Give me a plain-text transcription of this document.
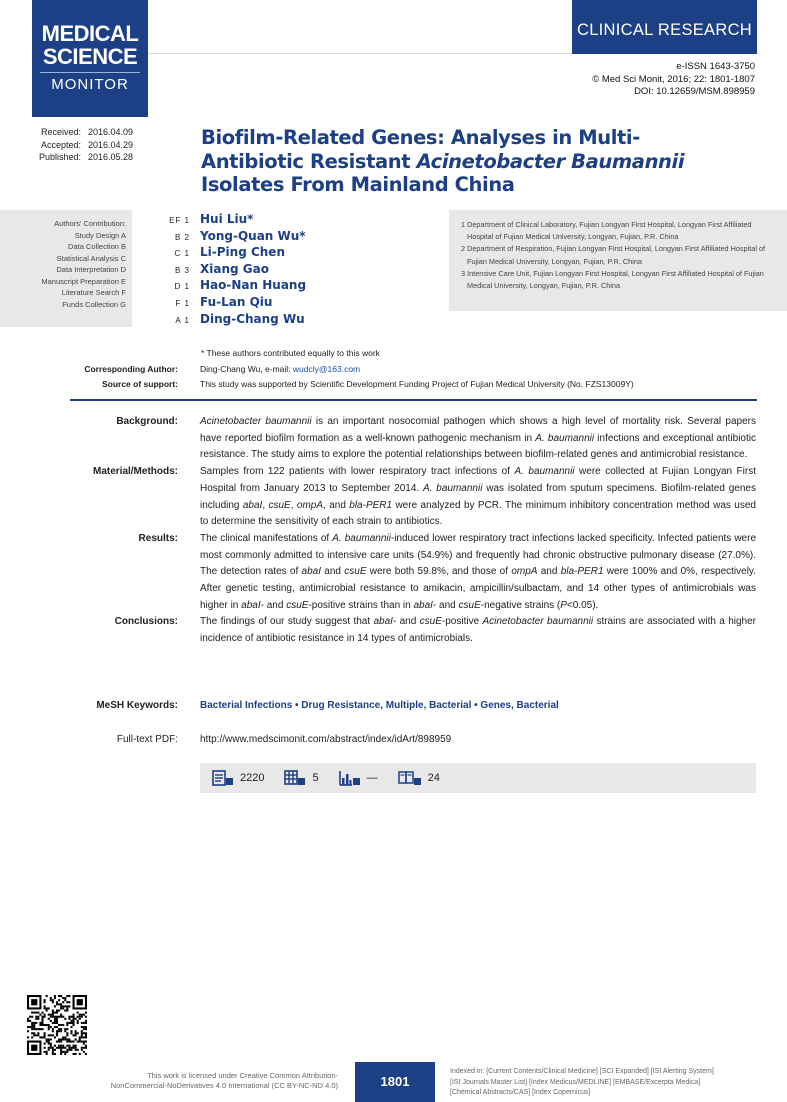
MEDICAL
SCIENCE
MONITOR
CLINICAL RESEARCH
e-ISSN 1643-3750
© Med Sci Monit, 2016; 22: 1801-1807
DOI: 10.12659/MSM.898959
Received: 2016.04.09
Accepted: 2016.04.29
Published: 2016.05.28
Biofilm-Related Genes: Analyses in Multi-
Antibiotic Resistant Acinetobacter Baumannii
Isolates From Mainland China
Authors' Contribution:
Study Design A
Data Collection B
Statistical Analysis C
Data Interpretation D
Manuscript Preparation E
Literature Search F
Funds Collection G
EF 1 Hui Liu*
B 2 Yong-Quan Wu*
C 1 Li-Ping Chen
B 3 Xiang Gao
D 1 Hao-Nan Huang
F 1 Fu-Lan Qiu
A 1 Ding-Chang Wu
1 Department of Clinical Laboratory, Fujian Longyan First Hospital, Longyan First Affiliated Hospital of Fujian Medical University, Longyan, Fujian, P.R. China
2 Department of Respiration, Fujian Longyan First Hospital, Longyan First Affiliated Hospital of Fujian Medical University, Longyan, Fujian, P.R. China
3 Intensive Care Unit, Fujian Longyan First Hospital, Longyan First Affiliated Hospital of Fujian Medical University, Longyan, Fujian, P.R. China
* These authors contributed equally to this work
Corresponding Author:	Ding-Chang Wu, e-mail: wudcly@163.com
Source of support:	This study was supported by Scientific Development Funding Project of Fujian Medical University (No. FZS13009Y)
Background: Acinetobacter baumannii is an important nosocomial pathogen which shows a high level of mortality risk. Several papers have reported biofilm formation as a well-known pathogenic mechanism in A. baumannii infections and exceptional antibiotic resistance. The study aims to explore the potential relationships between biofilm-related genes and antimicrobial resistance.
Material/Methods: Samples from 122 patients with lower respiratory tract infections of A. baumannii were collected at Fujian Longyan First Hospital from January 2013 to September 2014. A. baumannii was isolated from sputum specimens. Biofilm-related genes including abaI, csuE, ompA, and bla-PER1 were analyzed by PCR. The minimum inhibitory concentration method was used to determine the sensitivity of each strain to antibiotics.
Results: The clinical manifestations of A. baumannii-induced lower respiratory tract infections lacked specificity. Infected patients were most commonly admitted to intensive care units (54.9%) and frequently had chronic obstructive pulmonary disease (27.0%). The detection rates of abaI and csuE were both 59.8%, and those of ompA and bla-PER1 were 100% and 0%, respectively. After genetic testing, antimicrobial resistance to amikacin, ampicillin/sulbactam, and 14 other types of antimicrobials was higher in abaI- and csuE-positive strains than in abaI- and csuE-negative strains (P<0.05).
Conclusions: The findings of our study suggest that abaI- and csuE-positive Acinetobacter baumannii strains are associated with a higher incidence of antibiotic resistance in 14 types of antimicrobials.
MeSH Keywords: Bacterial Infections • Drug Resistance, Multiple, Bacterial • Genes, Bacterial
Full-text PDF: http://www.medscimonit.com/abstract/index/idArt/898959
2220	5	—	24
This work is licensed under Creative Common Attribution-
NonCommercial-NoDerivatives 4.0 International (CC BY-NC-ND 4.0)	1801
Indexed in: [Current Contents/Clinical Medicine] [SCI Expanded] [ISI Alerting System]
[ISI Journals Master List] [Index Medicus/MEDLINE] [EMBASE/Excerpta Medica]
[Chemical Abstracts/CAS] [Index Copernicus]
